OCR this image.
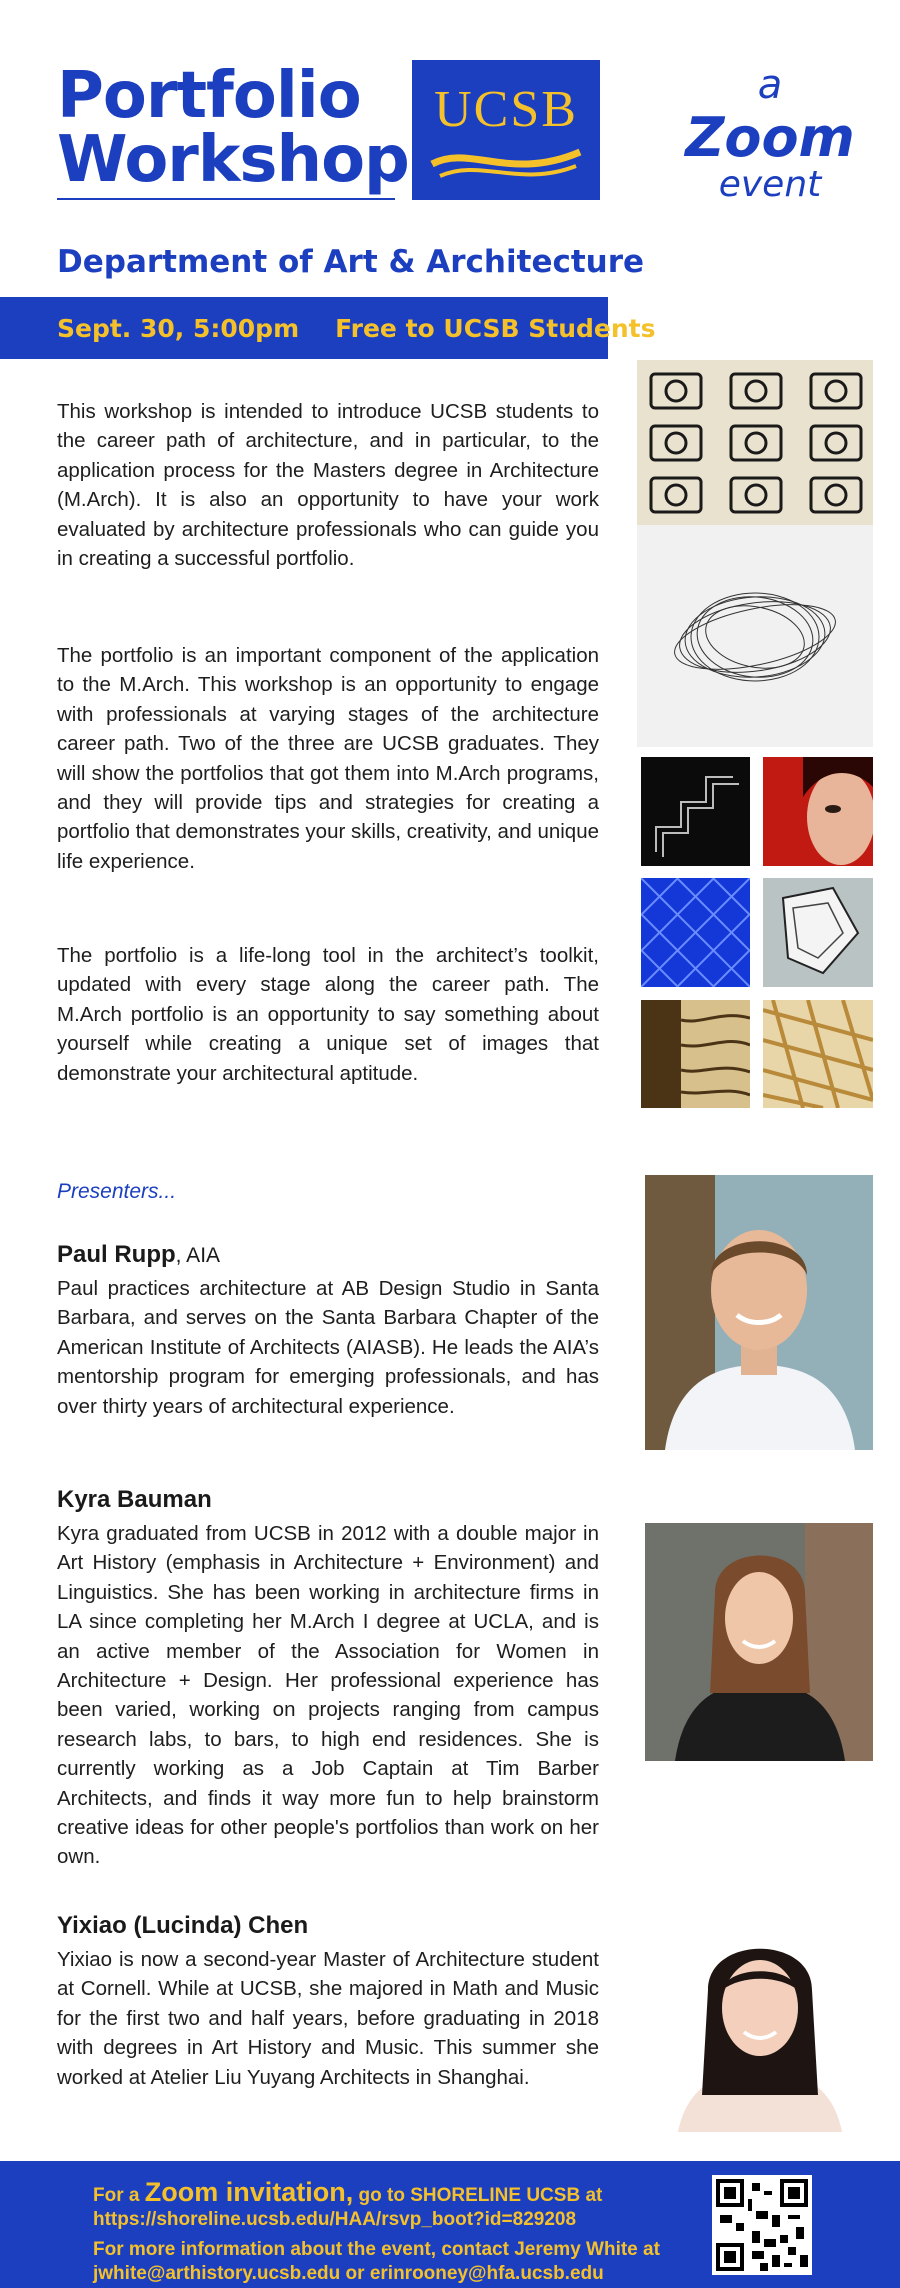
Portfolio
Workshop
UCSB	a
Zoom
event
Department of Art & Architecture
Sept. 30, 5:00pm Free to UCSB Students
This workshop is intended to introduce UCSB students to the career path of architecture, and in particular, to the application process for the Masters degree in Architecture (M.Arch). It is also an opportunity to have your work evaluated by architecture professionals who can guide you in creating a successful portfolio.
The portfolio is an important component of the application to the M.Arch. This workshop is an opportunity to engage with professionals at varying stages of the architecture career path. Two of the three are UCSB graduates. They will show the portfolios that got them into M.Arch programs, and they will provide tips and strategies for creating a portfolio that demonstrates your skills, creativity, and unique life experience.
The portfolio is a life-long tool in the architect’s toolkit, updated with every stage along the career path. The M.Arch portfolio is an opportunity to say something about yourself while creating a unique set of images that demonstrate your architectural aptitude.
Presenters...
Paul Rupp, AIA
Paul practices architecture at AB Design Studio in Santa Barbara, and serves on the Santa Barbara Chapter of the American Institute of Architects (AIASB). He leads the AIA’s mentorship program for emerging professionals, and has over thirty years of architectural experience.
Kyra Bauman
Kyra graduated from UCSB in 2012 with a double major in Art History (emphasis in Architecture + Environment) and Linguistics. She has been working in architecture firms in LA since completing her M.Arch I degree at UCLA, and is an active member of the Association for Women in Architecture + Design. Her professional experience has been varied, working on projects ranging from campus research labs, to bars, to high end residences. She is currently working as a Job Captain at Tim Barber Architects, and finds it way more fun to help brainstorm creative ideas for other people's portfolios than work on her own.
Yixiao (Lucinda) Chen
Yixiao is now a second-year Master of Architecture student at Cornell. While at UCSB, she majored in Math and Music for the first two and half years, before graduating in 2018 with degrees in Art History and Music. This summer she worked at Atelier Liu Yuyang Architects in Shanghai.
For a Zoom invitation, go to SHORELINE UCSB at
https://shoreline.ucsb.edu/HAA/rsvp_boot?id=829208
For more information about the event, contact Jeremy White at
jwhite@arthistory.ucsb.edu or erinrooney@hfa.ucsb.edu
